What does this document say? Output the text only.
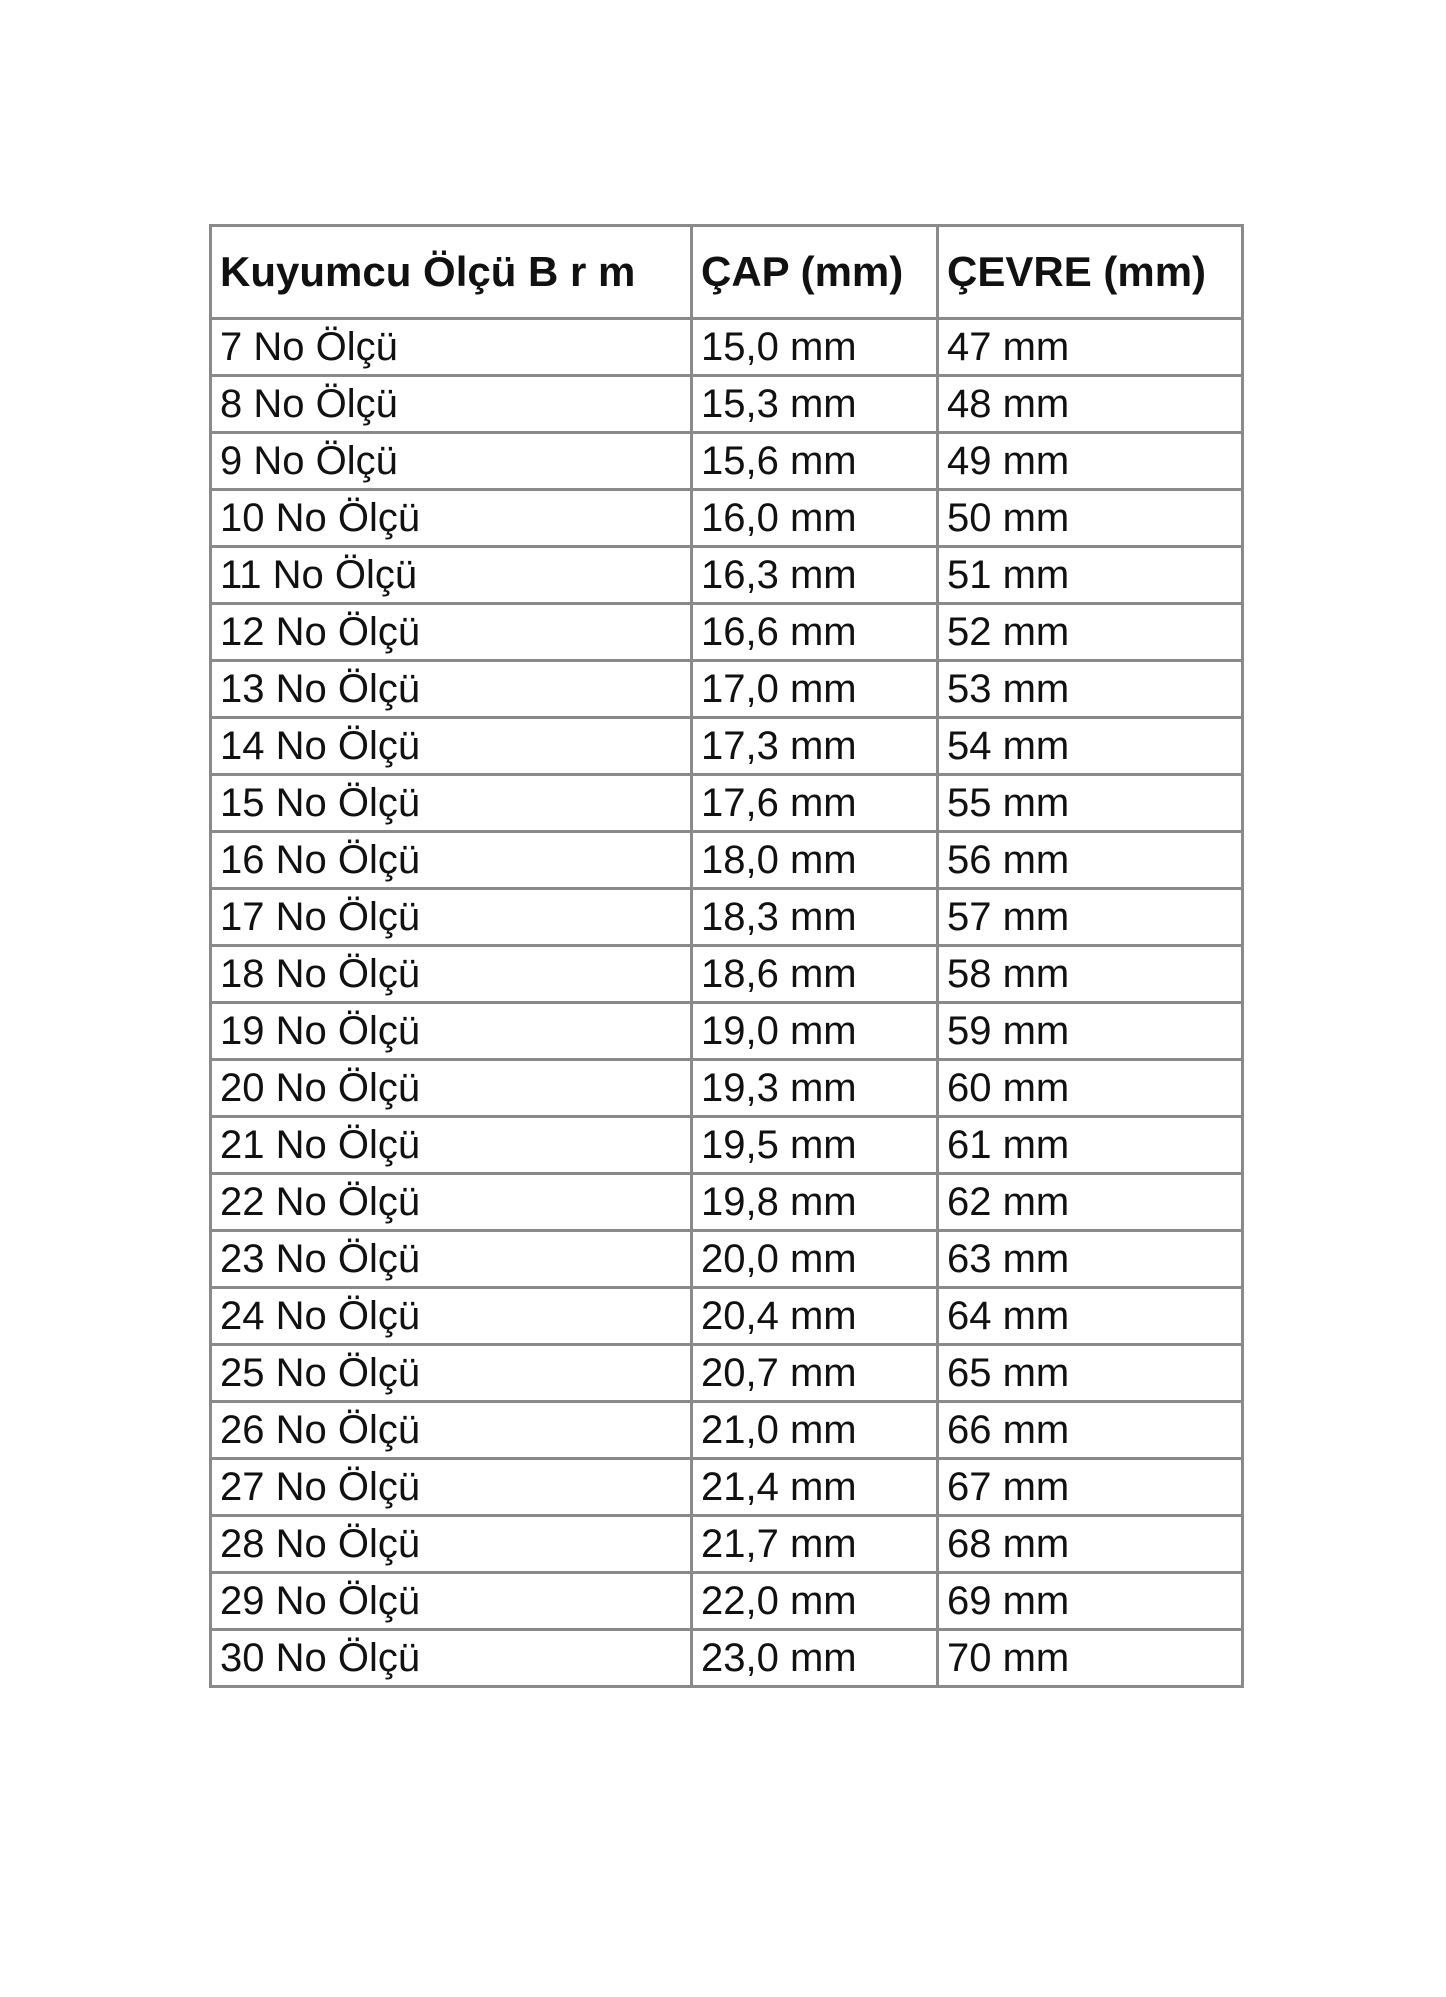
Kuyumcu Ölçü B r m	ÇAP (mm)	ÇEVRE (mm)
7 No Ölçü	15,0 mm	47 mm
8 No Ölçü	15,3 mm	48 mm
9 No Ölçü	15,6 mm	49 mm
10 No Ölçü	16,0 mm	50 mm
11 No Ölçü	16,3 mm	51 mm
12 No Ölçü	16,6 mm	52 mm
13 No Ölçü	17,0 mm	53 mm
14 No Ölçü	17,3 mm	54 mm
15 No Ölçü	17,6 mm	55 mm
16 No Ölçü	18,0 mm	56 mm
17 No Ölçü	18,3 mm	57 mm
18 No Ölçü	18,6 mm	58 mm
19 No Ölçü	19,0 mm	59 mm
20 No Ölçü	19,3 mm	60 mm
21 No Ölçü	19,5 mm	61 mm
22 No Ölçü	19,8 mm	62 mm
23 No Ölçü	20,0 mm	63 mm
24 No Ölçü	20,4 mm	64 mm
25 No Ölçü	20,7 mm	65 mm
26 No Ölçü	21,0 mm	66 mm
27 No Ölçü	21,4 mm	67 mm
28 No Ölçü	21,7 mm	68 mm
29 No Ölçü	22,0 mm	69 mm
30 No Ölçü	23,0 mm	70 mm
